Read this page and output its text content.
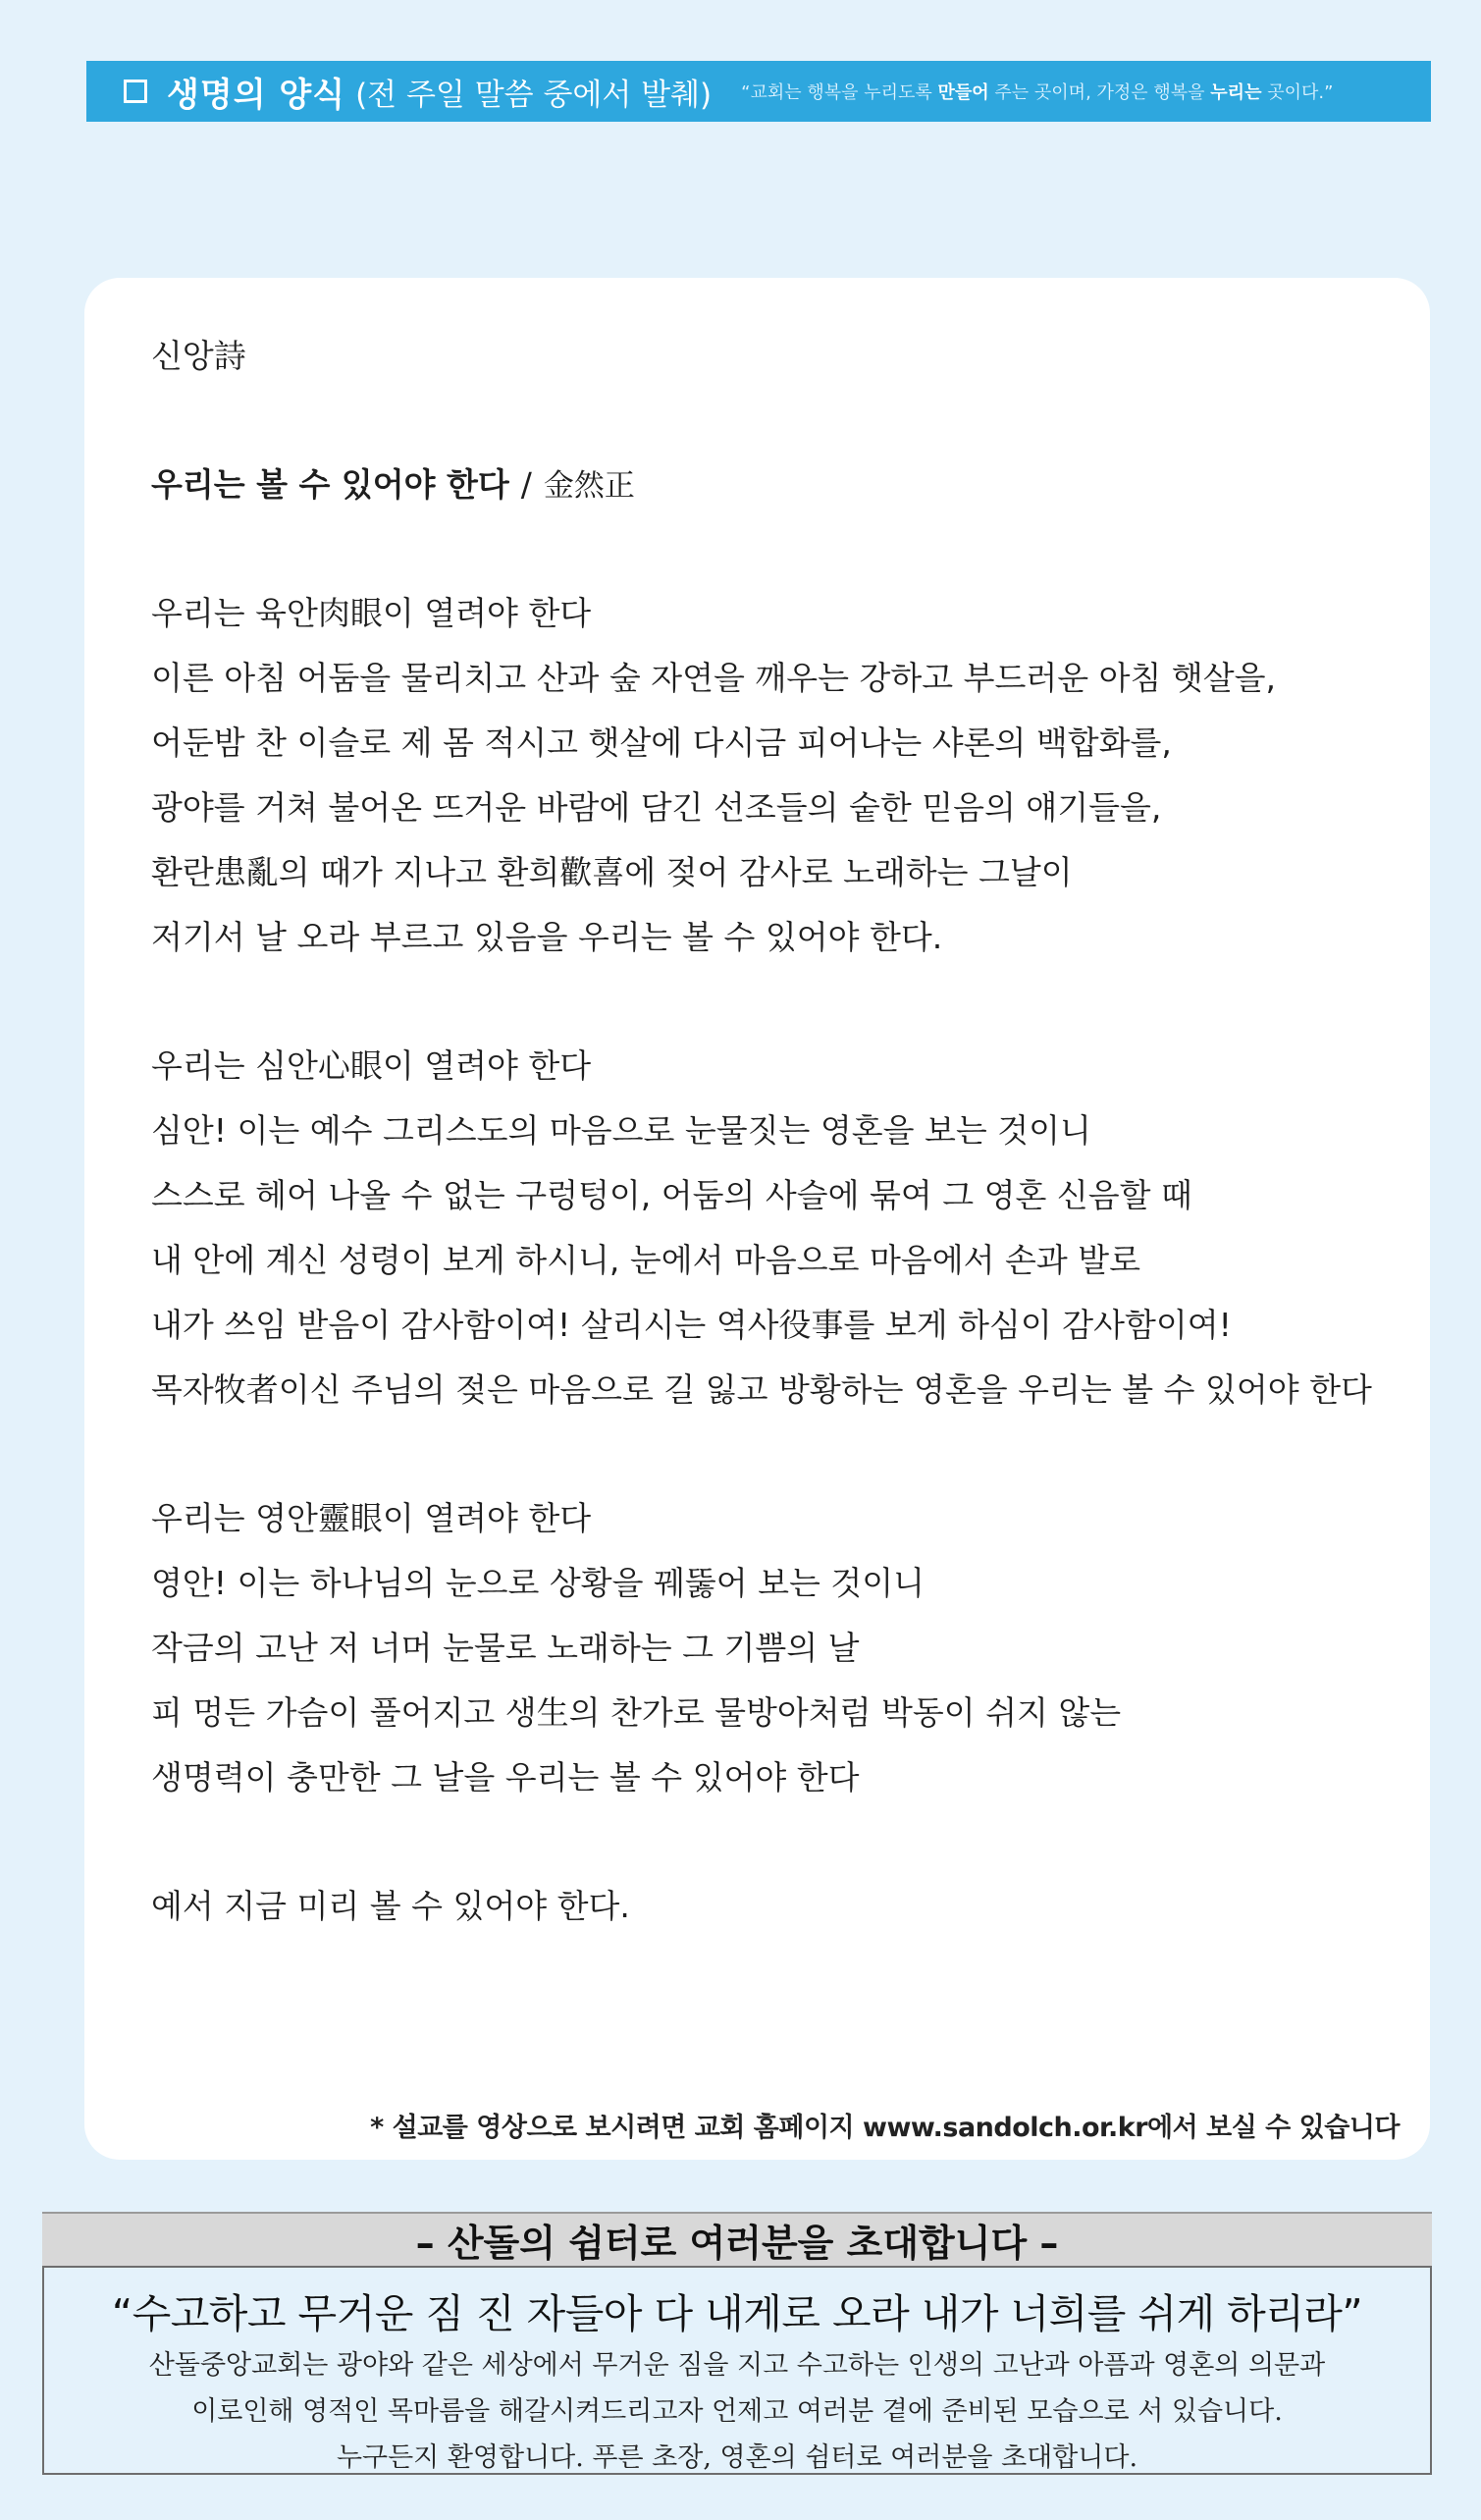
생명의 양식 (전 주일 말씀 중에서 발췌) “교회는 행복을 누리도록 만들어 주는 곳이며, 가정은 행복을 누리는 곳이다.”
신앙詩
우리는 볼 수 있어야 한다 / 金然正
우리는 육안肉眼이 열려야 한다
이른 아침 어둠을 물리치고 산과 숲 자연을 깨우는 강하고 부드러운 아침 햇살을,
어둔밤 찬 이슬로 제 몸 적시고 햇살에 다시금 피어나는 샤론의 백합화를,
광야를 거쳐 불어온 뜨거운 바람에 담긴 선조들의 숱한 믿음의 얘기들을,
환란患亂의 때가 지나고 환희歡喜에 젖어 감사로 노래하는 그날이
저기서 날 오라 부르고 있음을 우리는 볼 수 있어야 한다.
우리는 심안心眼이 열려야 한다
심안! 이는 예수 그리스도의 마음으로 눈물짓는 영혼을 보는 것이니
스스로 헤어 나올 수 없는 구렁텅이, 어둠의 사슬에 묶여 그 영혼 신음할 때
내 안에 계신 성령이 보게 하시니, 눈에서 마음으로 마음에서 손과 발로
내가 쓰임 받음이 감사함이여! 살리시는 역사役事를 보게 하심이 감사함이여!
목자牧者이신 주님의 젖은 마음으로 길 잃고 방황하는 영혼을 우리는 볼 수 있어야 한다
우리는 영안靈眼이 열려야 한다
영안! 이는 하나님의 눈으로 상황을 꿰뚫어 보는 것이니
작금의 고난 저 너머 눈물로 노래하는 그 기쁨의 날
피 멍든 가슴이 풀어지고 생生의 찬가로 물방아처럼 박동이 쉬지 않는
생명력이 충만한 그 날을 우리는 볼 수 있어야 한다
예서 지금 미리 볼 수 있어야 한다.
* 설교를 영상으로 보시려면 교회 홈페이지 www.sandolch.or.kr에서 보실 수 있습니다
– 산돌의 쉼터로 여러분을 초대합니다 –
“수고하고 무거운 짐 진 자들아 다 내게로 오라 내가 너희를 쉬게 하리라”
산돌중앙교회는 광야와 같은 세상에서 무거운 짐을 지고 수고하는 인생의 고난과 아픔과 영혼의 의문과
이로인해 영적인 목마름을 해갈시켜드리고자 언제고 여러분 곁에 준비된 모습으로 서 있습니다.
누구든지 환영합니다. 푸른 초장, 영혼의 쉼터로 여러분을 초대합니다.
